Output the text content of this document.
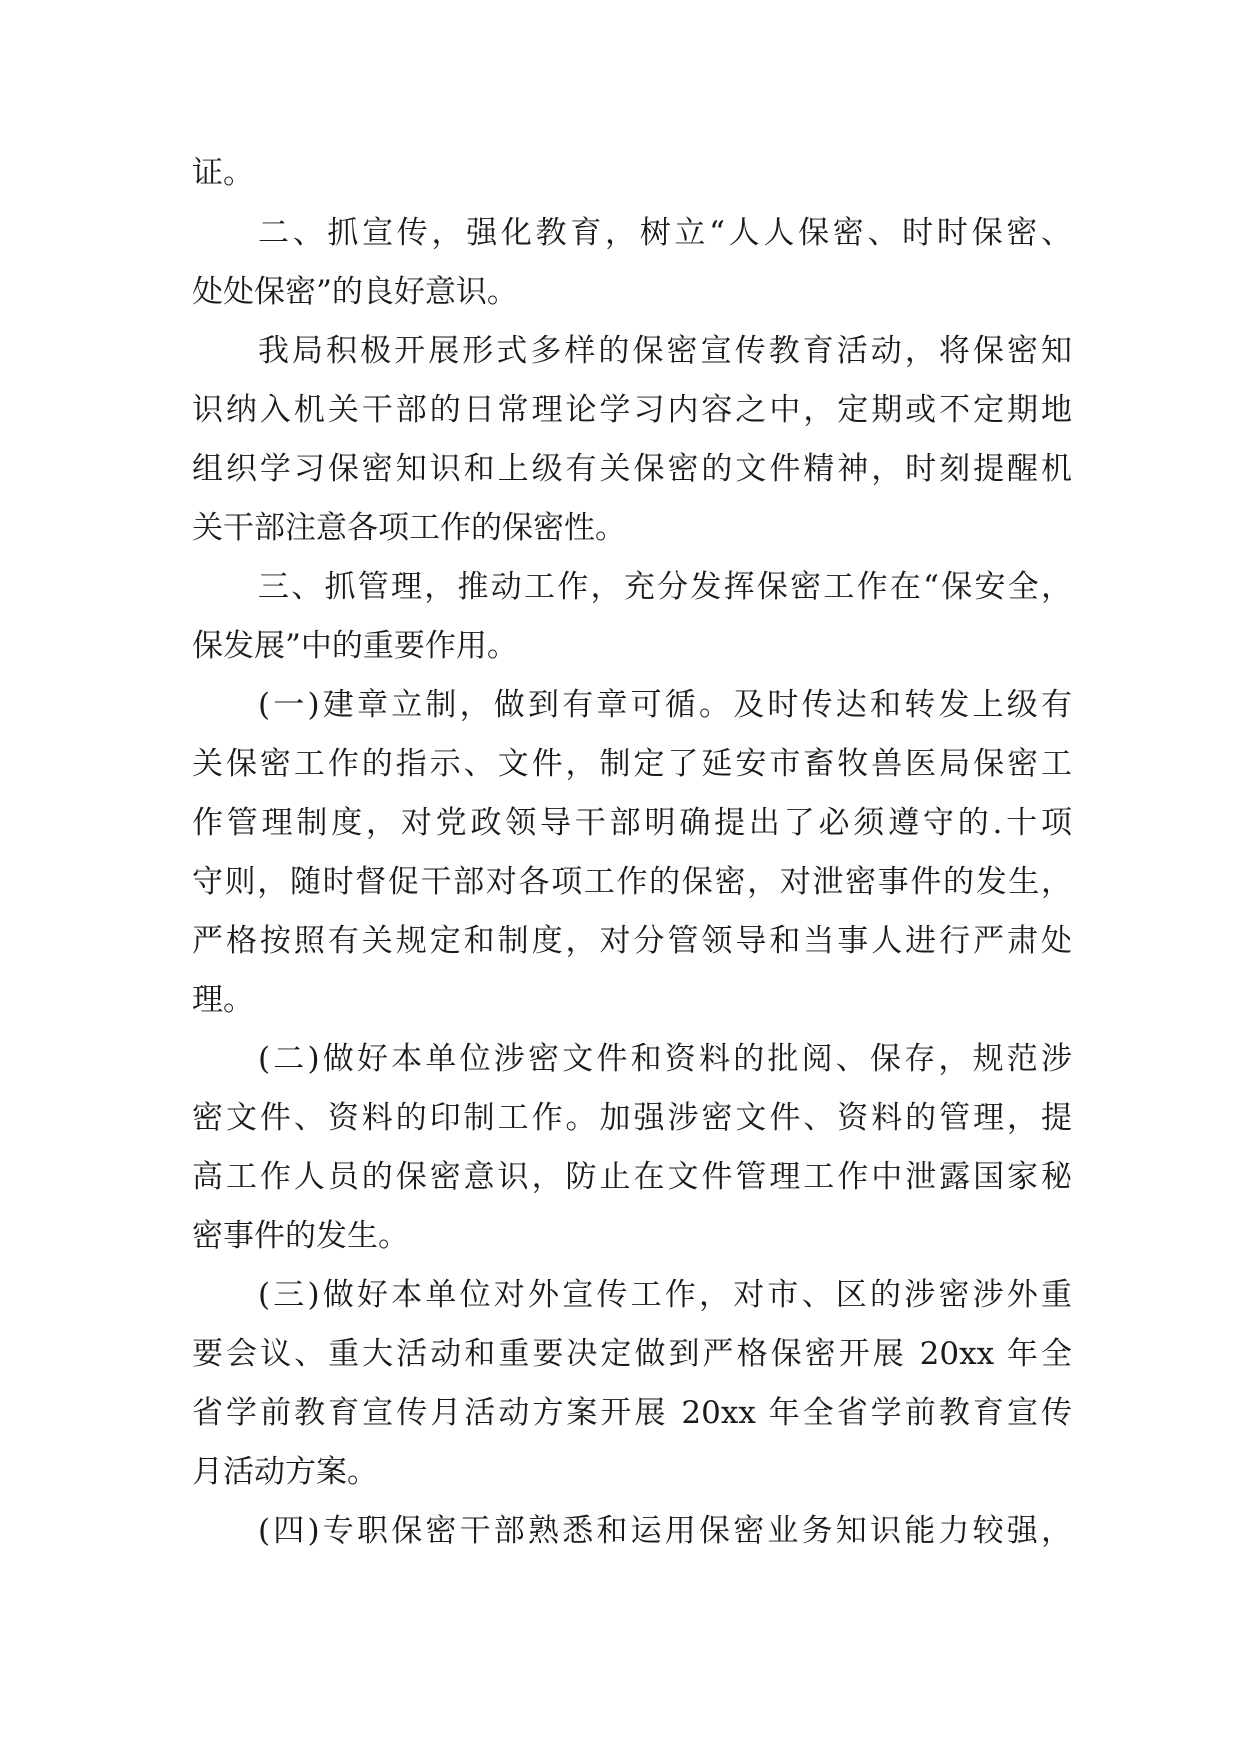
证。
二、抓宣传，强化教育，树立“人人保密、时时保密、
处处保密”的良好意识。
我局积极开展形式多样的保密宣传教育活动，将保密知
识纳入机关干部的日常理论学习内容之中，定期或不定期地
组织学习保密知识和上级有关保密的文件精神，时刻提醒机
关干部注意各项工作的保密性。
三、抓管理，推动工作，充分发挥保密工作在“保安全，
保发展”中的重要作用。
(一)建章立制，做到有章可循。及时传达和转发上级有
关保密工作的指示、文件，制定了延安市畜牧兽医局保密工
作管理制度，对党政领导干部明确提出了必须遵守的.十项
守则，随时督促干部对各项工作的保密，对泄密事件的发生，
严格按照有关规定和制度，对分管领导和当事人进行严肃处
理。
(二)做好本单位涉密文件和资料的批阅、保存，规范涉
密文件、资料的印制工作。加强涉密文件、资料的管理，提
高工作人员的保密意识，防止在文件管理工作中泄露国家秘
密事件的发生。
(三)做好本单位对外宣传工作，对市、区的涉密涉外重
要会议、重大活动和重要决定做到严格保密开展 20xx 年全
省学前教育宣传月活动方案开展 20xx 年全省学前教育宣传
月活动方案。
(四)专职保密干部熟悉和运用保密业务知识能力较强，
